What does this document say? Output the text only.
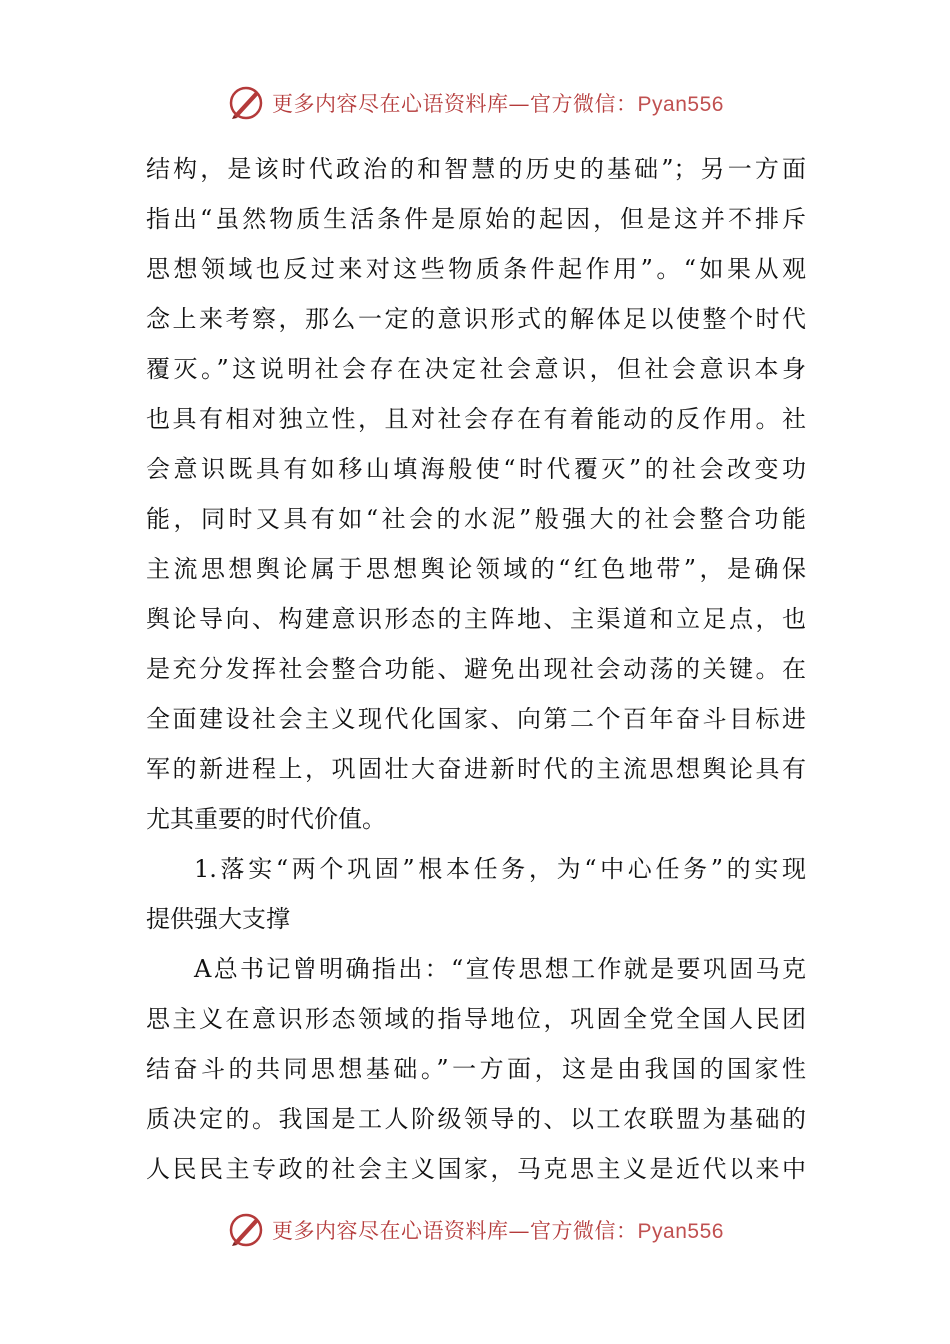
更多内容尽在心语资料库—官方微信：Pyan556
结构，是该时代政治的和智慧的历史的基础”；另一方面
指出“虽然物质生活条件是原始的起因，但是这并不排斥
思想领域也反过来对这些物质条件起作用”。“如果从观
念上来考察，那么一定的意识形式的解体足以使整个时代
覆灭。”这说明社会存在决定社会意识，但社会意识本身
也具有相对独立性，且对社会存在有着能动的反作用。社
会意识既具有如移山填海般使“时代覆灭”的社会改变功
能，同时又具有如“社会的水泥”般强大的社会整合功能
主流思想舆论属于思想舆论领域的“红色地带”，是确保
舆论导向、构建意识形态的主阵地、主渠道和立足点，也
是充分发挥社会整合功能、避免出现社会动荡的关键。在
全面建设社会主义现代化国家、向第二个百年奋斗目标进
军的新进程上，巩固壮大奋进新时代的主流思想舆论具有
尤其重要的时代价值。
1.落实“两个巩固”根本任务，为“中心任务”的实现
提供强大支撑
A总书记曾明确指出：“宣传思想工作就是要巩固马克
思主义在意识形态领域的指导地位，巩固全党全国人民团
结奋斗的共同思想基础。”一方面，这是由我国的国家性
质决定的。我国是工人阶级领导的、以工农联盟为基础的
人民民主专政的社会主义国家，马克思主义是近代以来中
更多内容尽在心语资料库—官方微信：Pyan556
